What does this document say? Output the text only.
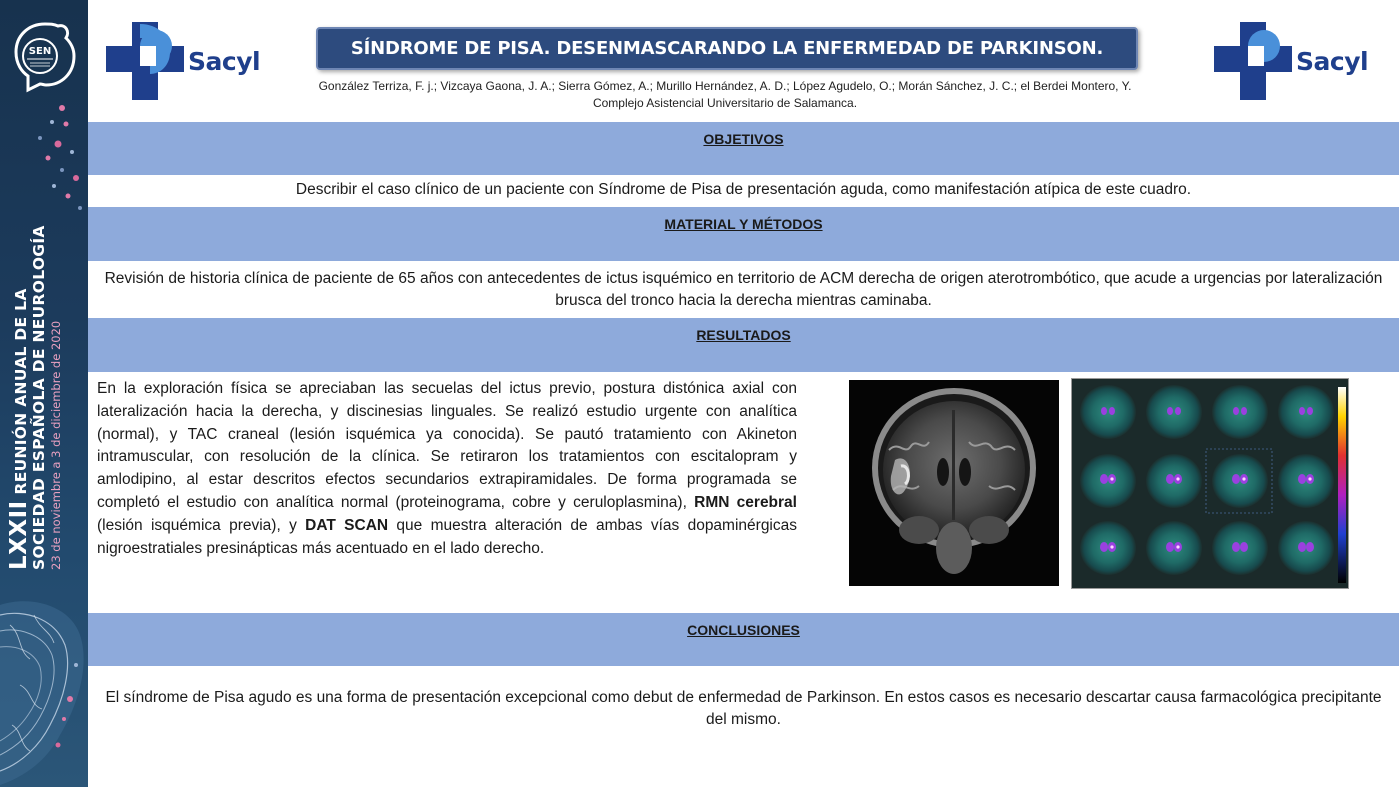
SEN
LXXII REUNIÓN ANUAL DE LA SOCIEDAD ESPAÑOLA DE NEUROLOGÍA 23 de noviembre a 3 de diciembre de 2020
Sacyl	Sacyl
SÍNDROME DE PISA. DESENMASCARANDO LA ENFERMEDAD DE PARKINSON.
González Terriza, F. j.; Vizcaya Gaona, J. A.; Sierra Gómez, A.; Murillo Hernández, A. D.; López Agudelo, O.; Morán Sánchez, J. C.; el Berdei Montero, Y.
Complejo Asistencial Universitario de Salamanca.
OBJETIVOS
Describir el caso clínico de un paciente con Síndrome de Pisa de presentación aguda, como manifestación atípica de este cuadro.
MATERIAL Y MÉTODOS
Revisión de historia clínica de paciente de 65 años con antecedentes de ictus isquémico en territorio de ACM derecha de origen aterotrombótico, que acude a urgencias por lateralización brusca del tronco hacia la derecha mientras caminaba.
RESULTADOS
En la exploración física se apreciaban las secuelas del ictus previo, postura distónica axial con lateralización hacia la derecha, y discinesias linguales. Se realizó estudio urgente con analítica (normal), y TAC craneal (lesión isquémica ya conocida). Se pautó tratamiento con Akineton intramuscular, con resolución de la clínica. Se retiraron los tratamientos con escitalopram y amlodipino, al estar descritos efectos secundarios extrapiramidales. De forma programada se completó el estudio con analítica normal (proteinograma, cobre y ceruloplasmina), RMN cerebral (lesión isquémica previa), y DAT SCAN que muestra alteración de ambas vías dopaminérgicas nigroestratiales presinápticas más acentuado en el lado derecho.
CONCLUSIONES
El síndrome de Pisa agudo es una forma de presentación excepcional como debut de enfermedad de Parkinson. En estos casos es necesario descartar causa farmacológica precipitante del mismo.
